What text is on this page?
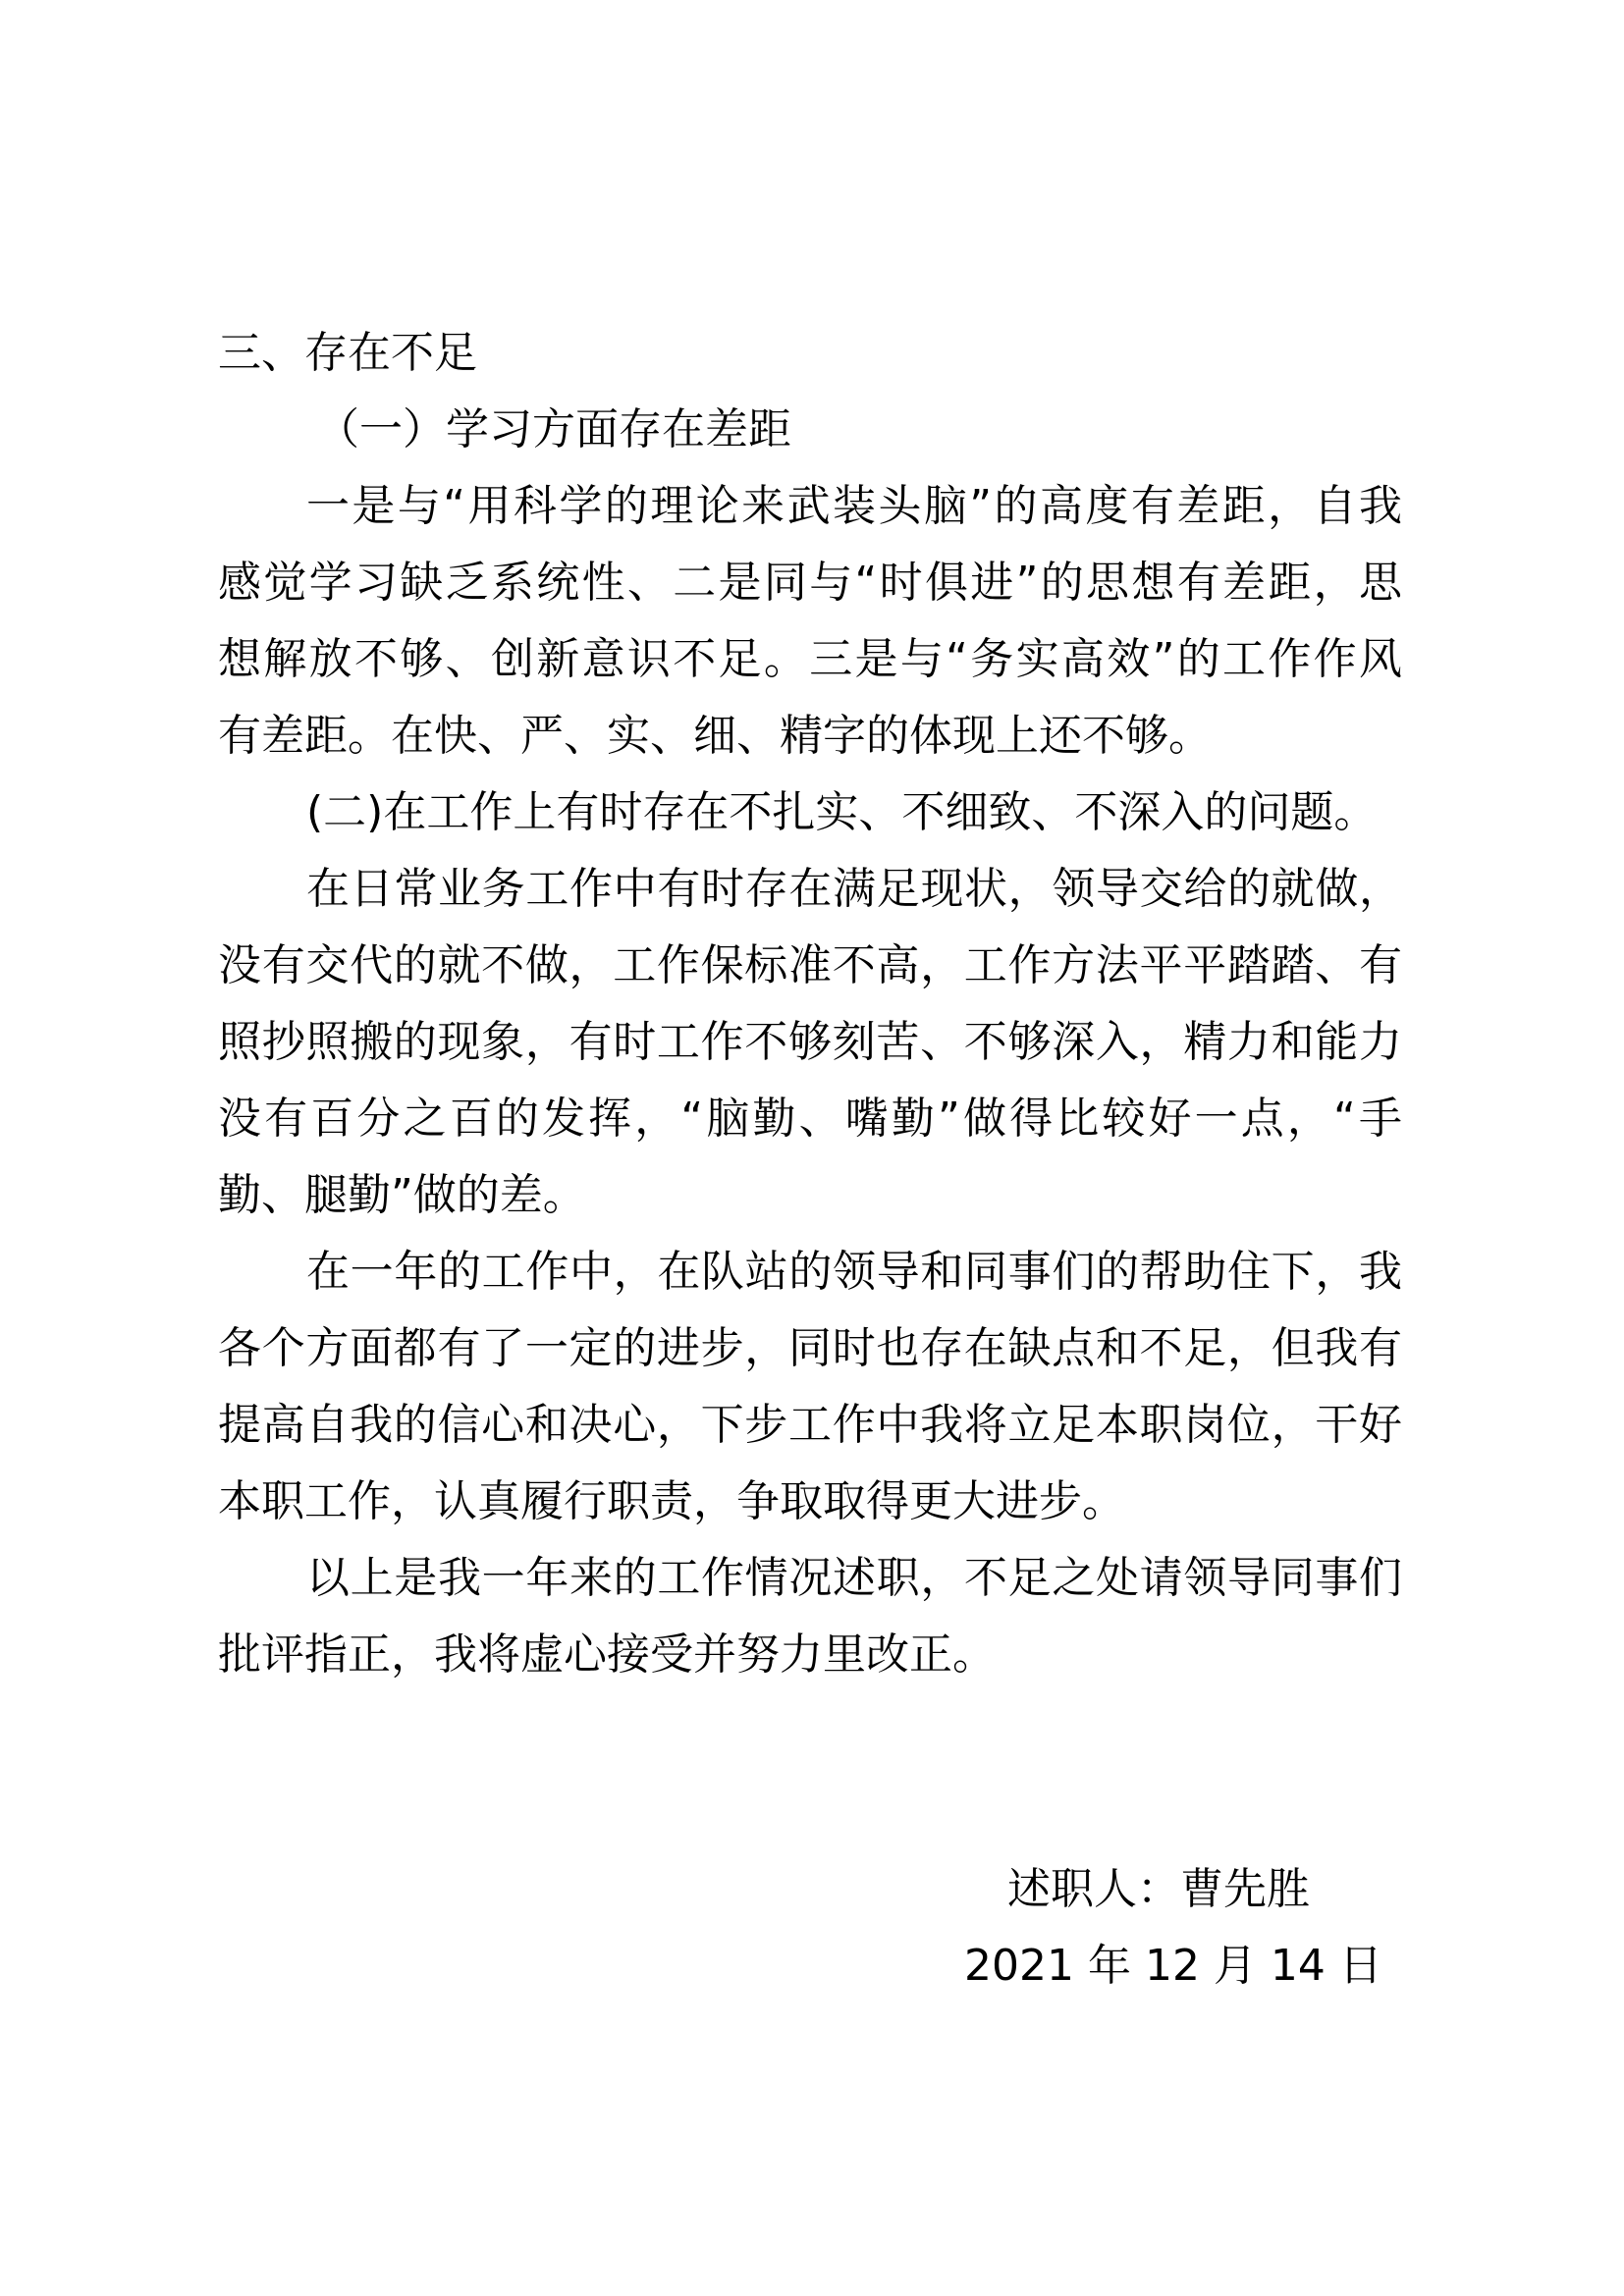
三、存在不足
（一）学习方面存在差距
一是与“用科学的理论来武装头脑”的高度有差距，自我
感觉学习缺乏系统性、二是同与“时俱进”的思想有差距，思
想解放不够、创新意识不足。三是与“务实高效”的工作作风
有差距。在快、严、实、细、精字的体现上还不够。
(二)在工作上有时存在不扎实、不细致、不深入的问题。
在日常业务工作中有时存在满足现状，领导交给的就做，
没有交代的就不做，工作保标准不高，工作方法平平踏踏、有
照抄照搬的现象，有时工作不够刻苦、不够深入，精力和能力
没有百分之百的发挥，“脑勤、嘴勤”做得比较好一点，“手
勤、腿勤”做的差。
在一年的工作中，在队站的领导和同事们的帮助住下，我
各个方面都有了一定的进步，同时也存在缺点和不足，但我有
提高自我的信心和决心，下步工作中我将立足本职岗位，干好
本职工作，认真履行职责，争取取得更大进步。
以上是我一年来的工作情况述职，不足之处请领导同事们
批评指正，我将虚心接受并努力里改正。
述职人：曹先胜
2021 年 12 月 14 日
